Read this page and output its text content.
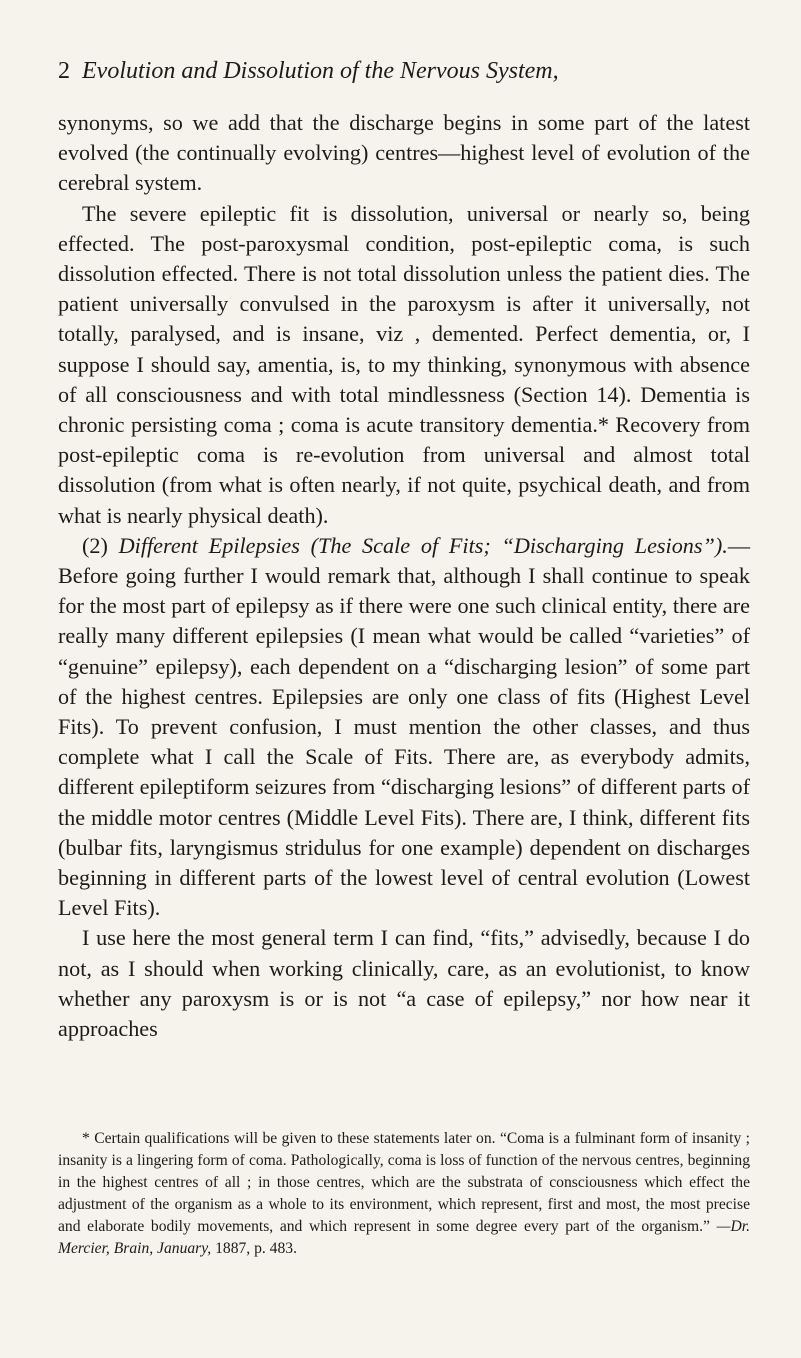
2 Evolution and Dissolution of the Nervous System,

synonyms, so we add that the discharge begins in some part of the latest evolved (the continually evolving) centres—highest level of evolution of the cerebral system.

The severe epileptic fit is dissolution, universal or nearly so, being effected. The post-paroxysmal condition, post-epileptic coma, is such dissolution effected. There is not total dissolution unless the patient dies. The patient universally convulsed in the paroxysm is after it universally, not totally, paralysed, and is insane, viz , demented. Perfect dementia, or, I suppose I should say, amentia, is, to my thinking, synonymous with absence of all consciousness and with total mindlessness (Section 14). Dementia is chronic persisting coma ; coma is acute transitory dementia.* Recovery from post-epileptic coma is re-evolution from universal and almost total dissolution (from what is often nearly, if not quite, psychical death, and from what is nearly physical death).

(2) Different Epilepsies (The Scale of Fits; “Discharging Lesions”).—Before going further I would remark that, although I shall continue to speak for the most part of epilepsy as if there were one such clinical entity, there are really many different epilepsies (I mean what would be called “varieties” of “genuine” epilepsy), each dependent on a “discharging lesion” of some part of the highest centres. Epilepsies are only one class of fits (Highest Level Fits). To prevent confusion, I must mention the other classes, and thus complete what I call the Scale of Fits. There are, as everybody admits, different epileptiform seizures from “discharging lesions” of different parts of the middle motor centres (Middle Level Fits). There are, I think, different fits (bulbar fits, laryngismus stridulus for one example) dependent on discharges beginning in different parts of the lowest level of central evolution (Lowest Level Fits).

I use here the most general term I can find, “fits,” advisedly, because I do not, as I should when working clinically, care, as an evolutionist, to know whether any paroxysm is or is not “a case of epilepsy,” nor how near it approaches

* Certain qualifications will be given to these statements later on. “Coma is a fulminant form of insanity ; insanity is a lingering form of coma. Pathologically, coma is loss of function of the nervous centres, beginning in the highest centres of all ; in those centres, which are the substrata of consciousness which effect the adjustment of the organism as a whole to its environment, which represent, first and most, the most precise and elaborate bodily movements, and which represent in some degree every part of the organism.” —Dr. Mercier, Brain, January, 1887, p. 483.
